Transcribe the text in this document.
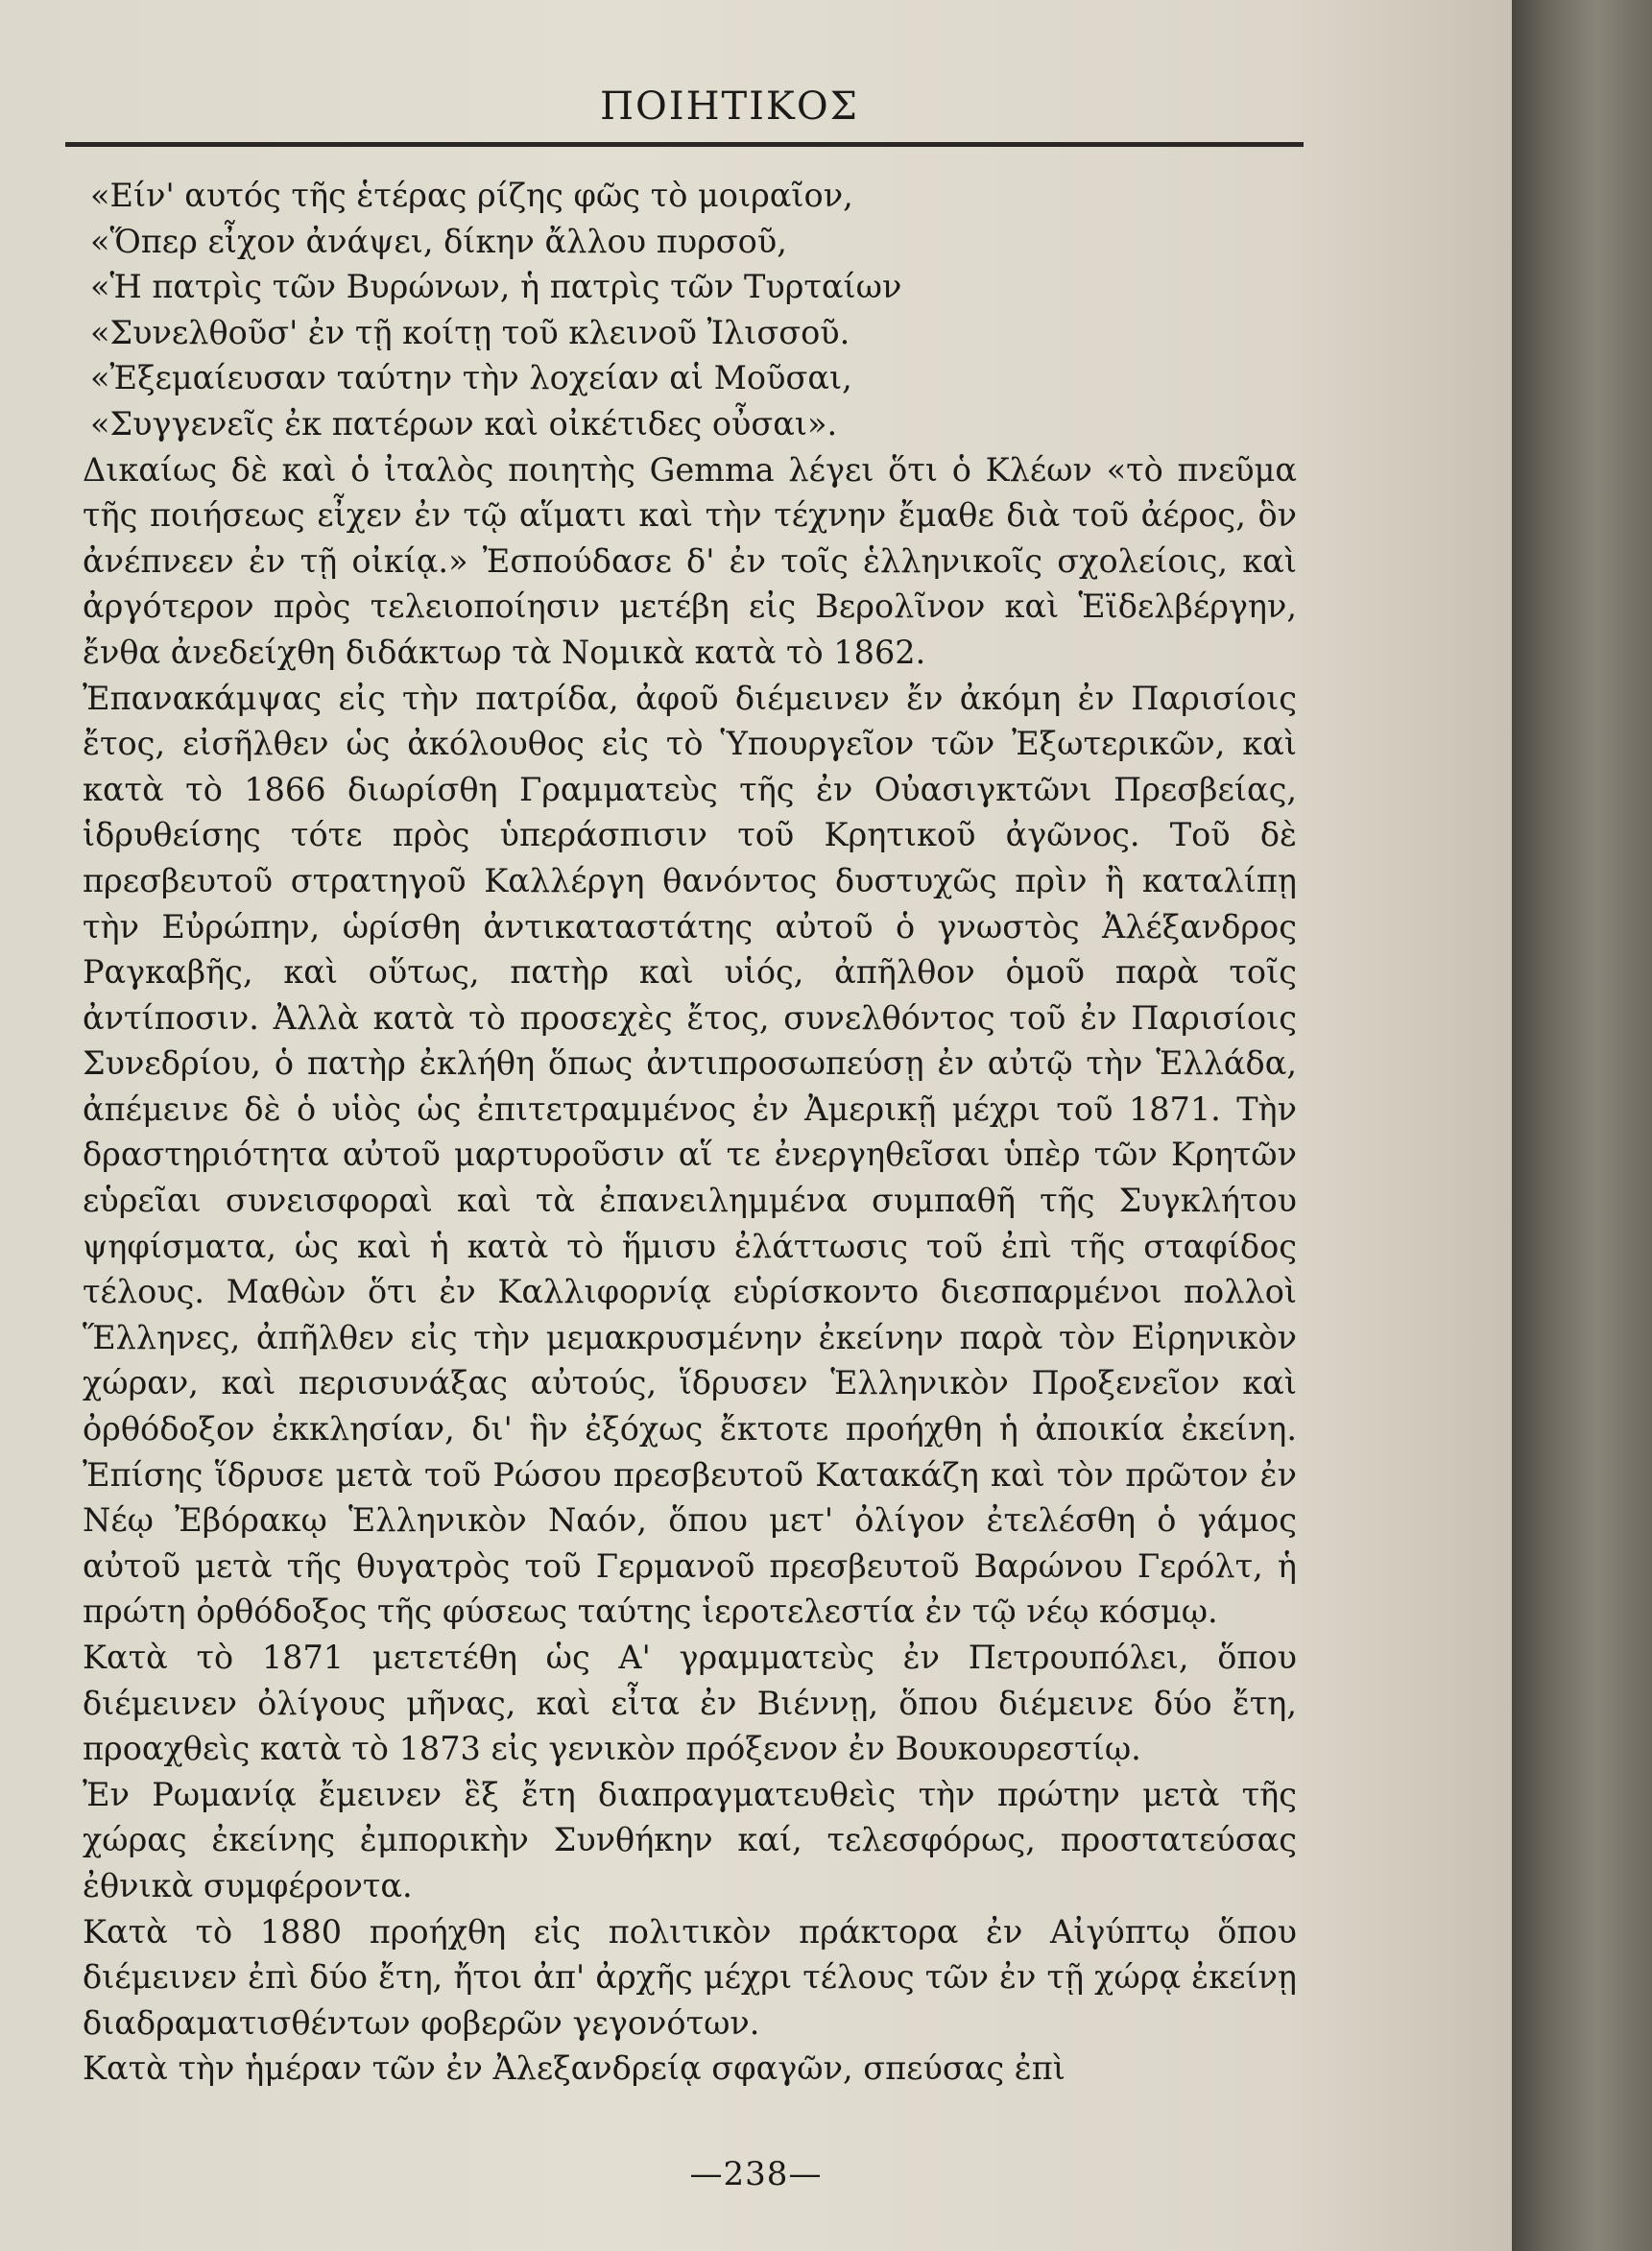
ΠΟΙΗΤΙΚΟΣ
«Είν' αυτός τῆς ἑτέρας ρίζης φῶς τὸ μοιραῖον,
«Ὅπερ εἶχον ἀνάψει, δίκην ἄλλου πυρσοῦ,
«Ἡ πατρὶς τῶν Βυρώνων, ἡ πατρὶς τῶν Τυρταίων
«Συνελθοῦσ' ἐν τῇ κοίτῃ τοῦ κλεινοῦ Ἰλισσοῦ.
«Ἐξεμαίευσαν ταύτην τὴν λοχείαν αἱ Μοῦσαι,
«Συγγενεῖς ἐκ πατέρων καὶ οἰκέτιδες οὖσαι».

Δικαίως δὲ καὶ ὁ ἰταλὸς ποιητὴς Gemma λέγει ὅτι ὁ Κλέων «τὸ πνεῦμα τῆς ποιήσεως εἶχεν ἐν τῷ αἵματι καὶ τὴν τέχνην ἔμαθε διὰ τοῦ ἀέρος, ὃν ἀνέπνεεν ἐν τῇ οἰκίᾳ.» Ἐσπούδασε δ' ἐν τοῖς ἑλληνικοῖς σχολείοις, καὶ ἀργότερον πρὸς τελειοποίησιν μετέβη εἰς Βερολῖνον καὶ Ἑϊδελβέργην, ἔνθα ἀνεδείχθη διδάκτωρ τὰ Νομικὰ κατὰ τὸ 1862.

Ἐπανακάμψας εἰς τὴν πατρίδα, ἀφοῦ διέμεινεν ἔν ἀκόμη ἐν Παρισίοις ἔτος, εἰσῆλθεν ὡς ἀκόλουθος εἰς τὸ Ὑπουργεῖον τῶν Ἐξωτερικῶν, καὶ κατὰ τὸ 1866 διωρίσθη Γραμματεὺς τῆς ἐν Οὐασιγκτῶνι Πρεσβείας, ἱδρυθείσης τότε πρὸς ὑπεράσπισιν τοῦ Κρητικοῦ ἀγῶνος. Τοῦ δὲ πρεσβευτοῦ στρατηγοῦ Καλλέργη θανόντος δυστυχῶς πρὶν ἢ καταλίπῃ τὴν Εὐρώπην, ὡρίσθη ἀντικαταστάτης αὐτοῦ ὁ γνωστὸς Ἀλέξανδρος Ραγκαβῆς, καὶ οὕτως, πατὴρ καὶ υἱός, ἀπῆλθον ὁμοῦ παρὰ τοῖς ἀντίποσιν. Ἀλλὰ κατὰ τὸ προσεχὲς ἔτος, συνελθόντος τοῦ ἐν Παρισίοις Συνεδρίου, ὁ πατὴρ ἐκλήθη ὅπως ἀντιπροσωπεύσῃ ἐν αὐτῷ τὴν Ἑλλάδα, ἀπέμεινε δὲ ὁ υἱὸς ὡς ἐπιτετραμμένος ἐν Ἀμερικῇ μέχρι τοῦ 1871. Τὴν δραστηριότητα αὐτοῦ μαρτυροῦσιν αἵ τε ἐνεργηθεῖσαι ὑπὲρ τῶν Κρητῶν εὑρεῖαι συνεισφοραὶ καὶ τὰ ἐπανειλημμένα συμπαθῆ τῆς Συγκλήτου ψηφίσματα, ὡς καὶ ἡ κατὰ τὸ ἥμισυ ἐλάττωσις τοῦ ἐπὶ τῆς σταφίδος τέλους. Μαθὼν ὅτι ἐν Καλλιφορνίᾳ εὑρίσκοντο διεσπαρμένοι πολλοὶ Ἕλληνες, ἀπῆλθεν εἰς τὴν μεμακρυσμένην ἐκείνην παρὰ τὸν Εἰρηνικὸν χώραν, καὶ περισυνάξας αὐτούς, ἵδρυσεν Ἑλληνικὸν Προξενεῖον καὶ ὀρθόδοξον ἐκκλησίαν, δι' ἣν ἐξόχως ἔκτοτε προήχθη ἡ ἀποικία ἐκείνη. Ἐπίσης ἵδρυσε μετὰ τοῦ Ρώσου πρεσβευτοῦ Κατακάζη καὶ τὸν πρῶτον ἐν Νέῳ Ἐβόρακῳ Ἑλληνικὸν Ναόν, ὅπου μετ' ὀλίγον ἐτελέσθη ὁ γάμος αὐτοῦ μετὰ τῆς θυγατρὸς τοῦ Γερμανοῦ πρεσβευτοῦ Βαρώνου Γερόλτ, ἡ πρώτη ὀρθόδοξος τῆς φύσεως ταύτης ἱεροτελεστία ἐν τῷ νέῳ κόσμῳ.

Κατὰ τὸ 1871 μετετέθη ὡς Α' γραμματεὺς ἐν Πετρουπόλει, ὅπου διέμεινεν ὀλίγους μῆνας, καὶ εἶτα ἐν Βιέννῃ, ὅπου διέμεινε δύο ἔτη, προαχθεὶς κατὰ τὸ 1873 εἰς γενικὸν πρόξενον ἐν Βουκουρεστίῳ.

Ἐν Ρωμανίᾳ ἔμεινεν ἓξ ἔτη διαπραγματευθεὶς τὴν πρώτην μετὰ τῆς χώρας ἐκείνης ἐμπορικὴν Συνθήκην καί, τελεσφόρως, προστατεύσας ἐθνικὰ συμφέροντα.

Κατὰ τὸ 1880 προήχθη εἰς πολιτικὸν πράκτορα ἐν Αἰγύπτῳ ὅπου διέμεινεν ἐπὶ δύο ἔτη, ἤτοι ἀπ' ἀρχῆς μέχρι τέλους τῶν ἐν τῇ χώρᾳ ἐκείνῃ διαδραματισθέντων φοβερῶν γεγονότων.

Κατὰ τὴν ἡμέραν τῶν ἐν Ἀλεξανδρείᾳ σφαγῶν, σπεύσας ἐπὶ

—238—
